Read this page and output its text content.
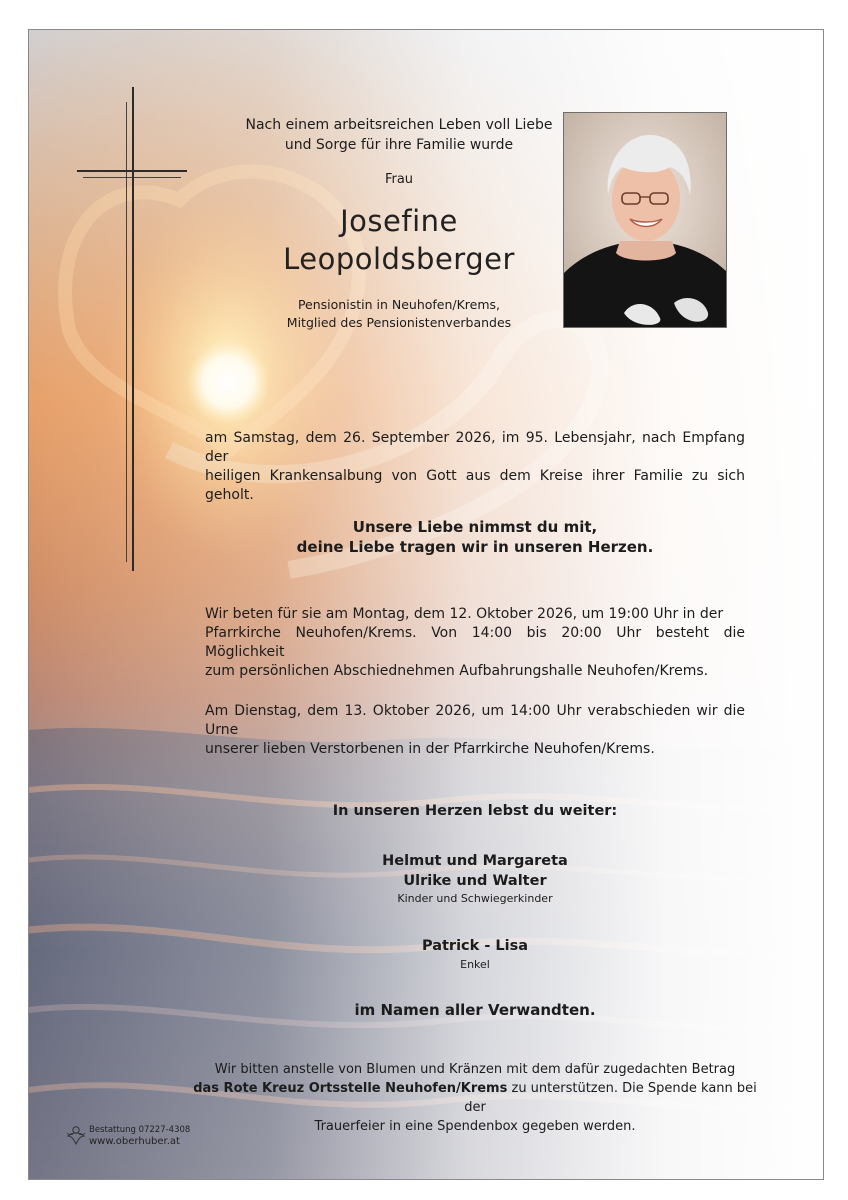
Nach einem arbeitsreichen Leben voll Liebe
und Sorge für ihre Familie wurde
Frau
Josefine
Leopoldsberger
Pensionistin in Neuhofen/Krems,
Mitglied des Pensionistenverbandes
am Samstag, dem 26. September 2026, im 95. Lebensjahr, nach Empfang der
heiligen Krankensalbung von Gott aus dem Kreise ihrer Familie zu sich geholt.
Unsere Liebe nimmst du mit,
deine Liebe tragen wir in unseren Herzen.
Wir beten für sie am Montag, dem 12. Oktober 2026, um 19:00 Uhr in der
Pfarrkirche Neuhofen/Krems. Von 14:00 bis 20:00 Uhr besteht die Möglichkeit
zum persönlichen Abschiednehmen Aufbahrungshalle Neuhofen/Krems.
Am Dienstag, dem 13. Oktober 2026, um 14:00 Uhr verabschieden wir die Urne
unserer lieben Verstorbenen in der Pfarrkirche Neuhofen/Krems.
In unseren Herzen lebst du weiter:
Helmut und Margareta
Ulrike und Walter
Kinder und Schwiegerkinder
Patrick - Lisa
Enkel
im Namen aller Verwandten.
Wir bitten anstelle von Blumen und Kränzen mit dem dafür zugedachten Betrag
das Rote Kreuz Ortsstelle Neuhofen/Krems zu unterstützen. Die Spende kann bei der
Trauerfeier in eine Spendenbox gegeben werden.
Bestattung 07227-4308
www.oberhuber.at
